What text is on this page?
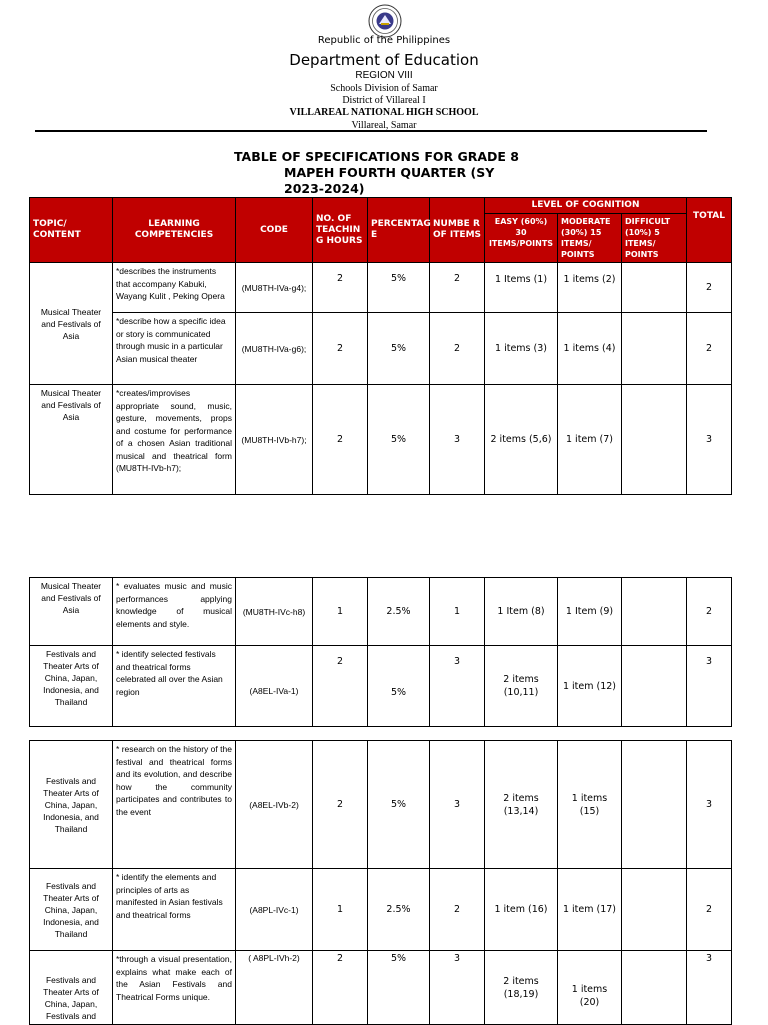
Republic of the Philippines
Department of Education
REGION VIII
Schools Division of Samar
District of Villareal I
VILLAREAL NATIONAL HIGH SCHOOL
Villareal, Samar
TABLE OF SPECIFICATIONS FOR GRADE 8
MAPEH FOURTH QUARTER (SY
2023-2024)
TOPIC/ CONTENT	LEARNING COMPETENCIES	CODE	NO. OF TEACHIN G HOURS	PERCENTAG E	NUMBE R OF ITEMS	LEVEL OF COGNITION			TOTAL
						EASY (60%) 30 ITEMS/POINTS	MODERATE (30%) 15 ITEMS/ POINTS	DIFFICULT (10%) 5 ITEMS/ POINTS	
Musical Theater and Festivals of Asia	*describes the instruments that accompany Kabuki, Wayang Kulit , Peking Opera	(MU8TH-IVa-g4);	2	5%	2	1 Items (1)	1 items (2)		2
	*describe how a specific idea or story is communicated through music in a particular Asian musical theater	(MU8TH-IVa-g6);	2	5%	2	1 items (3)	1 items (4)		2
Musical Theater and Festivals of Asia	*creates/improvises appropriate sound, music, gesture, movements, props and costume for performance of a chosen Asian traditional musical and theatrical form (MU8TH-IVb-h7);	(MU8TH-IVb-h7);	2	5%	3	2 items (5,6)	1 item (7)		3
Musical Theater and Festivals of Asia	* evaluates music and music performances applying knowledge of musical elements and style.	(MU8TH-IVc-h8)	1	2.5%	1	1 Item (8)	1 Item (9)		2
Festivals and Theater Arts of China, Japan, Indonesia, and Thailand	* identify selected festivals and theatrical forms celebrated all over the Asian region	(A8EL-IVa-1)	2	5%	3	2 items (10,11)	1 item (12)		3
Festivals and Theater Arts of China, Japan, Indonesia, and Thailand	* research on the history of the festival and theatrical forms and its evolution, and describe how the community participates and contributes to the event	(A8EL-IVb-2)	2	5%	3	2 items (13,14)	1 items (15)		3
Festivals and Theater Arts of China, Japan, Indonesia, and Thailand	* identify the elements and principles of arts as manifested in Asian festivals and theatrical forms	(A8PL-IVc-1)	1	2.5%	2	1 item (16)	1 item (17)		2
Festivals and Theater Arts of China, Japan, Festivals and	*through a visual presentation, explains what make each of the Asian Festivals and Theatrical Forms unique.	( A8PL-IVh-2)	2	5%	3	2 items (18,19)	1 items (20)		3
